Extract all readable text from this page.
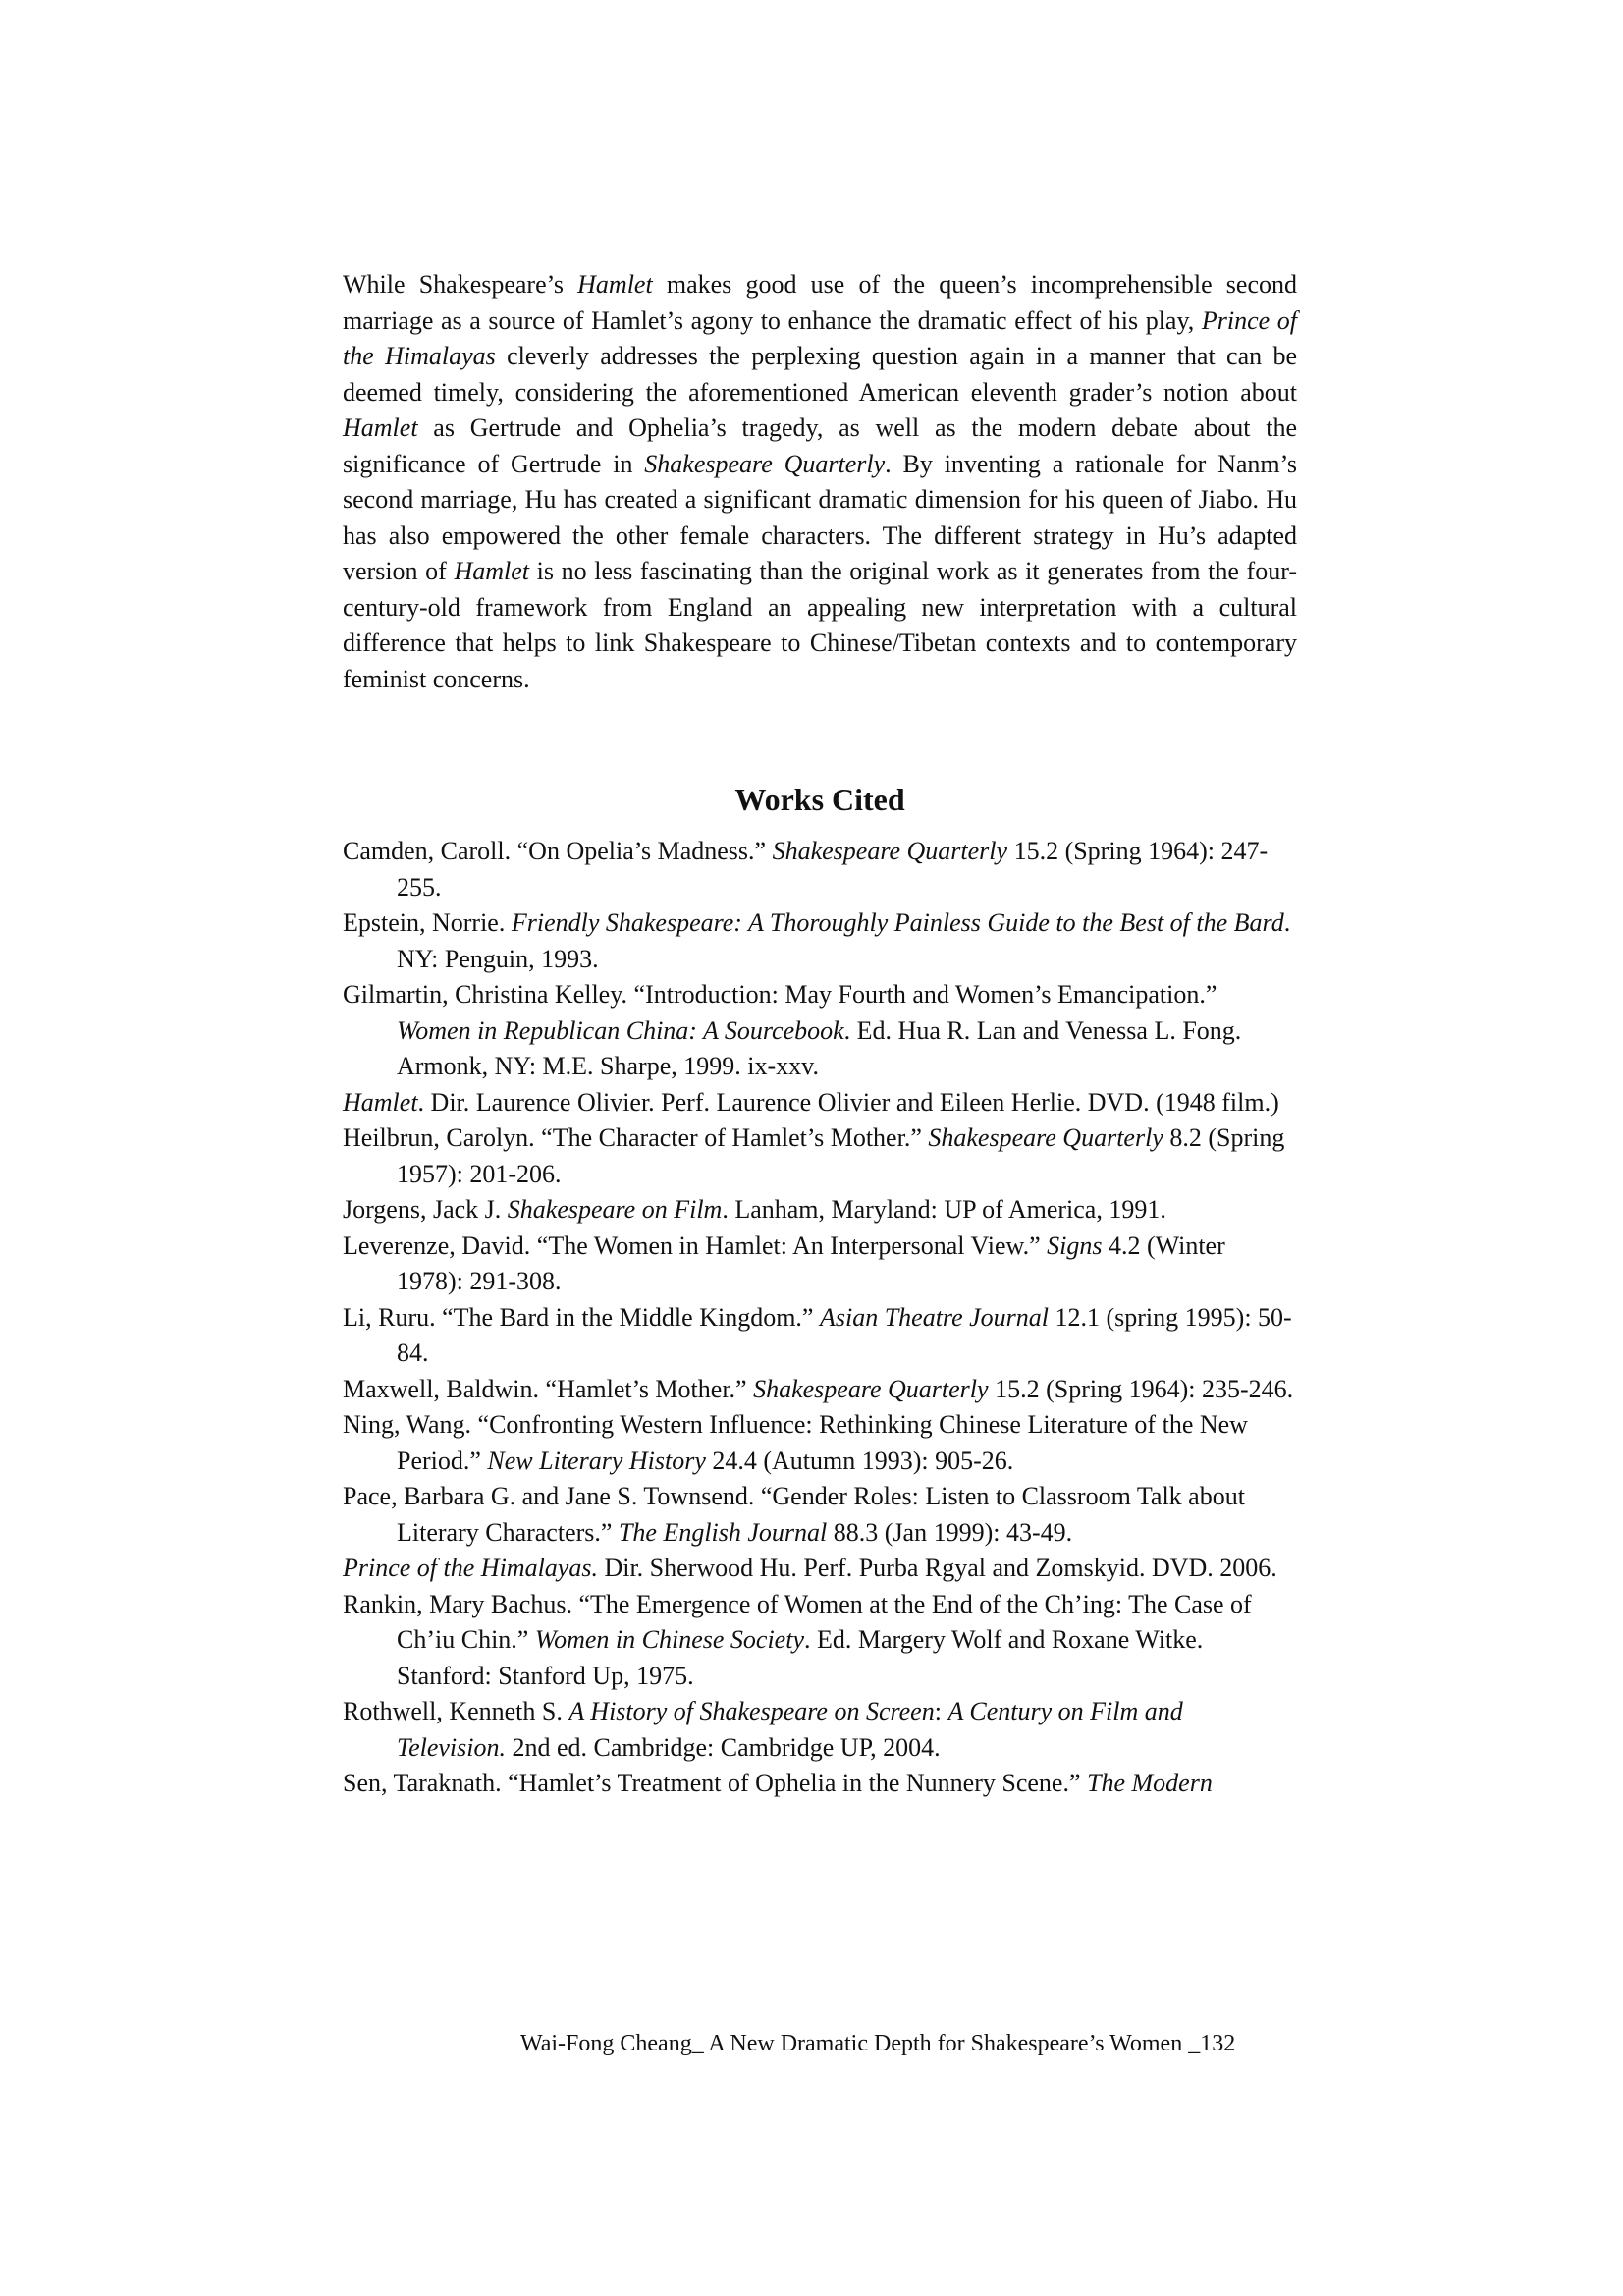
While Shakespeare’s Hamlet makes good use of the queen’s incomprehensible second marriage as a source of Hamlet’s agony to enhance the dramatic effect of his play, Prince of the Himalayas cleverly addresses the perplexing question again in a manner that can be deemed timely, considering the aforementioned American eleventh grader’s notion about Hamlet as Gertrude and Ophelia’s tragedy, as well as the modern debate about the significance of Gertrude in Shakespeare Quarterly. By inventing a rationale for Nanm’s second marriage, Hu has created a significant dramatic dimension for his queen of Jiabo. Hu has also empowered the other female characters. The different strategy in Hu’s adapted version of Hamlet is no less fascinating than the original work as it generates from the four-century-old framework from England an appealing new interpretation with a cultural difference that helps to link Shakespeare to Chinese/Tibetan contexts and to contemporary feminist concerns.

Works Cited

Camden, Caroll. “On Opelia’s Madness.” Shakespeare Quarterly 15.2 (Spring 1964): 247-255.

Epstein, Norrie. Friendly Shakespeare: A Thoroughly Painless Guide to the Best of the Bard. NY: Penguin, 1993.

Gilmartin, Christina Kelley. “Introduction: May Fourth and Women’s Emancipation.” Women in Republican China: A Sourcebook. Ed. Hua R. Lan and Venessa L. Fong. Armonk, NY: M.E. Sharpe, 1999. ix-xxv.

Hamlet. Dir. Laurence Olivier. Perf. Laurence Olivier and Eileen Herlie. DVD. (1948 film.)

Heilbrun, Carolyn. “The Character of Hamlet’s Mother.” Shakespeare Quarterly 8.2 (Spring 1957): 201-206.

Jorgens, Jack J. Shakespeare on Film. Lanham, Maryland: UP of America, 1991.

Leverenze, David. “The Women in Hamlet: An Interpersonal View.” Signs 4.2 (Winter 1978): 291-308.

Li, Ruru. “The Bard in the Middle Kingdom.” Asian Theatre Journal 12.1 (spring 1995): 50-84.

Maxwell, Baldwin. “Hamlet’s Mother.” Shakespeare Quarterly 15.2 (Spring 1964): 235-246.

Ning, Wang. “Confronting Western Influence: Rethinking Chinese Literature of the New Period.” New Literary History 24.4 (Autumn 1993): 905-26.

Pace, Barbara G. and Jane S. Townsend. “Gender Roles: Listen to Classroom Talk about Literary Characters.” The English Journal 88.3 (Jan 1999): 43-49.

Prince of the Himalayas. Dir. Sherwood Hu. Perf. Purba Rgyal and Zomskyid. DVD. 2006.

Rankin, Mary Bachus. “The Emergence of Women at the End of the Ch’ing: The Case of Ch’iu Chin.” Women in Chinese Society. Ed. Margery Wolf and Roxane Witke. Stanford: Stanford Up, 1975.

Rothwell, Kenneth S. A History of Shakespeare on Screen: A Century on Film and Television. 2nd ed. Cambridge: Cambridge UP, 2004.

Sen, Taraknath. “Hamlet’s Treatment of Ophelia in the Nunnery Scene.” The Modern

Wai-Fong Cheang_ A New Dramatic Depth for Shakespeare’s Women _132
